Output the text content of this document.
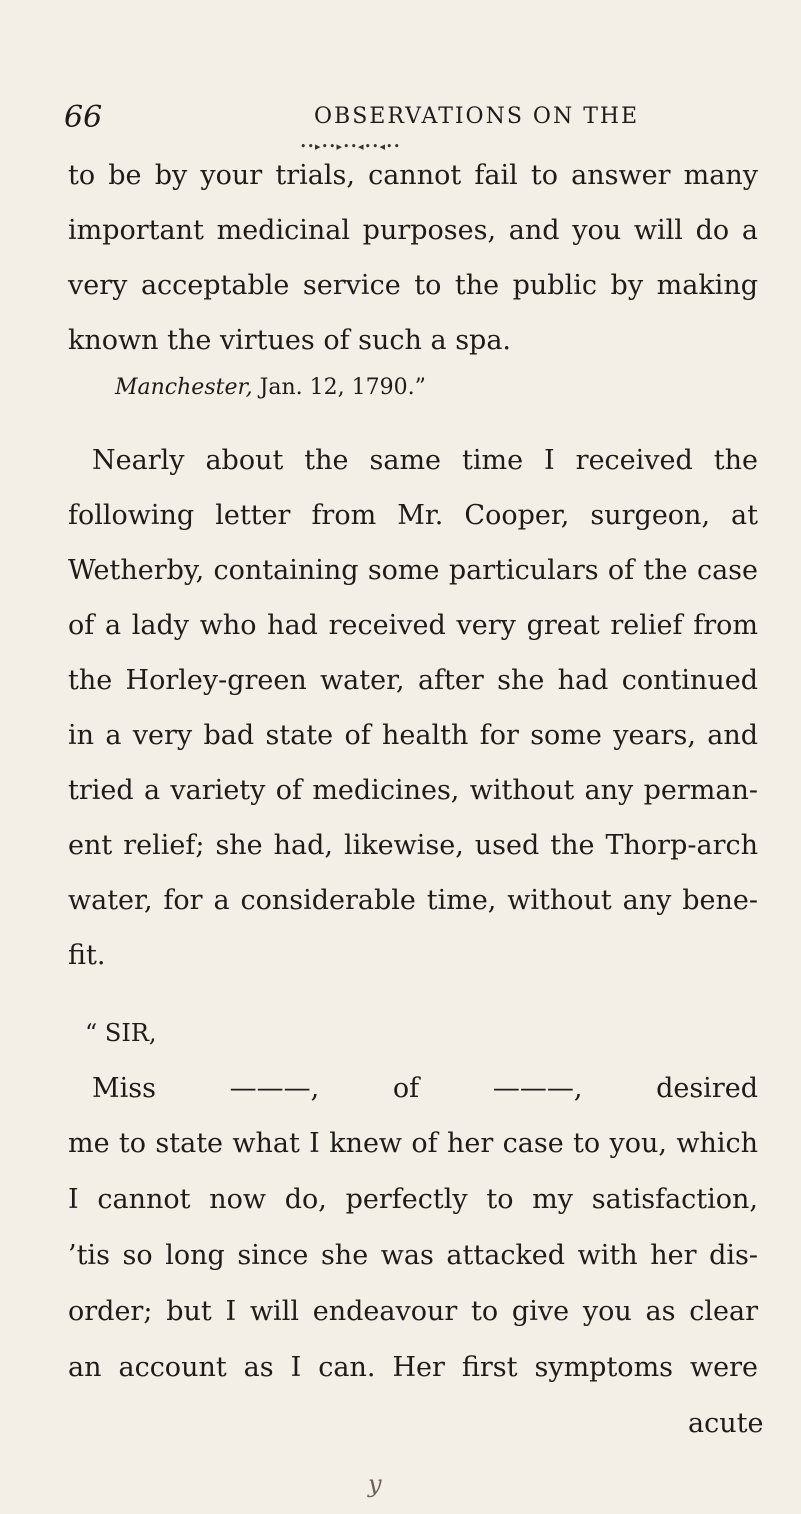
66	OBSERVATIONS ON THE
••▸••▸••◂••◂••
to be by your trials, cannot fail to answer many
important medicinal purposes, and you will do a
very acceptable service to the public by making
known the virtues of such a spa.
Manchester, Jan. 12, 1790.”
Nearly about the same time I received the
following letter from Mr. Cooper, surgeon, at
Wetherby, containing some particulars of the case
of a lady who had received very great relief from
the Horley-green water, after she had continued
in a very bad state of health for some years, and
tried a variety of medicines, without any perman-
ent relief; she had, likewise, used the Thorp-arch
water, for a considerable time, without any bene-
fit.
“ SIR,
Miss ———, of ———, desired
me to state what I knew of her case to you, which
I cannot now do, perfectly to my satisfaction,
’tis so long since she was attacked with her dis-
order; but I will endeavour to give you as clear
an account as I can. Her first symptoms were
acute
y
